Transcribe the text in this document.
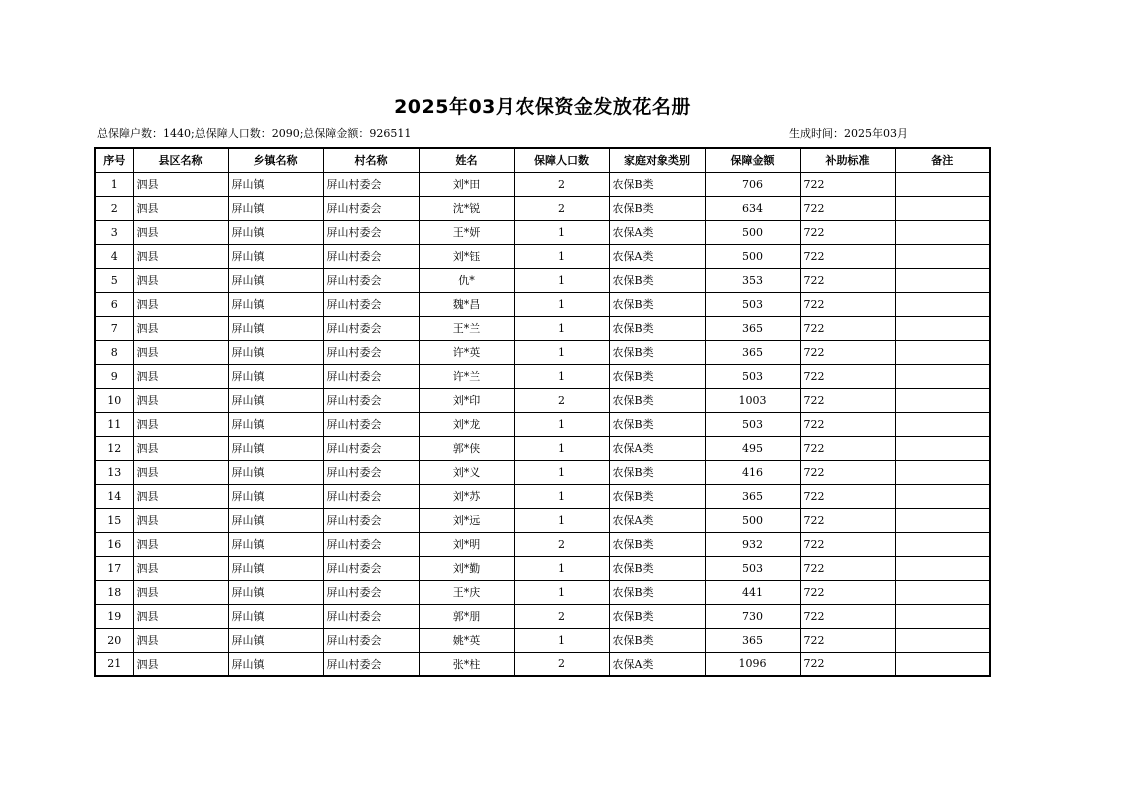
2025年03月农保资金发放花名册
总保障户数：1440;总保障人口数：2090;总保障金额：926511	生成时间：2025年03月
序号	县区名称	乡镇名称	村名称	姓名	保障人口数	家庭对象类别	保障金额	补助标准	备注
1	泗县	屏山镇	屏山村委会	刘*田	2	农保B类	706	722	
2	泗县	屏山镇	屏山村委会	沈*锐	2	农保B类	634	722	
3	泗县	屏山镇	屏山村委会	王*妍	1	农保A类	500	722	
4	泗县	屏山镇	屏山村委会	刘*钰	1	农保A类	500	722	
5	泗县	屏山镇	屏山村委会	仇*	1	农保B类	353	722	
6	泗县	屏山镇	屏山村委会	魏*昌	1	农保B类	503	722	
7	泗县	屏山镇	屏山村委会	王*兰	1	农保B类	365	722	
8	泗县	屏山镇	屏山村委会	许*英	1	农保B类	365	722	
9	泗县	屏山镇	屏山村委会	许*兰	1	农保B类	503	722	
10	泗县	屏山镇	屏山村委会	刘*印	2	农保B类	1003	722	
11	泗县	屏山镇	屏山村委会	刘*龙	1	农保B类	503	722	
12	泗县	屏山镇	屏山村委会	郭*侠	1	农保A类	495	722	
13	泗县	屏山镇	屏山村委会	刘*义	1	农保B类	416	722	
14	泗县	屏山镇	屏山村委会	刘*苏	1	农保B类	365	722	
15	泗县	屏山镇	屏山村委会	刘*远	1	农保A类	500	722	
16	泗县	屏山镇	屏山村委会	刘*明	2	农保B类	932	722	
17	泗县	屏山镇	屏山村委会	刘*勤	1	农保B类	503	722	
18	泗县	屏山镇	屏山村委会	王*庆	1	农保B类	441	722	
19	泗县	屏山镇	屏山村委会	郭*朋	2	农保B类	730	722	
20	泗县	屏山镇	屏山村委会	姚*英	1	农保B类	365	722	
21	泗县	屏山镇	屏山村委会	张*柱	2	农保A类	1096	722	
